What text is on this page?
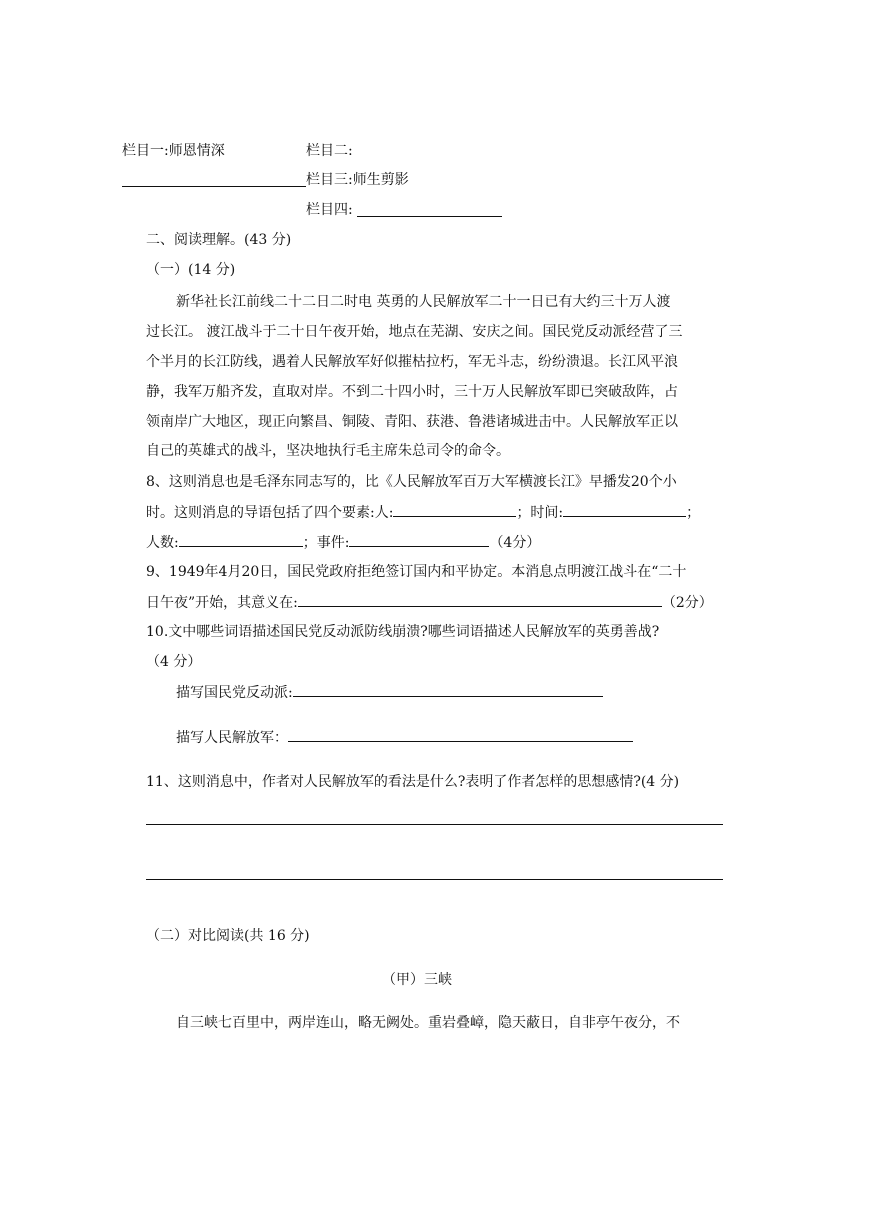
栏目一:师恩情深	栏目二:
栏目三:师生剪影
栏目四:
二、阅读理解。(43 分)
（一）(14 分)
新华社长江前线二十二日二时电 英勇的人民解放军二十一日已有大约三十万人渡
过长江。 渡江战斗于二十日午夜开始，地点在芜湖、安庆之间。国民党反动派经营了三
个半月的长江防线，遇着人民解放军好似摧枯拉朽，军无斗志，纷纷溃退。长江风平浪
静，我军万船齐发，直取对岸。不到二十四小时，三十万人民解放军即已突破敌阵，占
领南岸广大地区，现正向繁昌、铜陵、青阳、获港、鲁港诸城进击中。人民解放军正以
自己的英雄式的战斗，坚决地执行毛主席朱总司令的命令。
8、这则消息也是毛泽东同志写的，比《人民解放军百万大军横渡长江》早播发20个小
时。这则消息的导语包括了四个要素:人:	；时间:	；
人数:	；事件:	（4分）
9、1949年4月20日，国民党政府拒绝签订国内和平协定。本消息点明渡江战斗在“二十
日午夜”开始，其意义在:	（2分）
10.文中哪些词语描述国民党反动派防线崩溃?哪些词语描述人民解放军的英勇善战?
（4 分）
描写国民党反动派:
描写人民解放军：
11、这则消息中，作者对人民解放军的看法是什么?表明了作者怎样的思想感情?(4 分)
（二）对比阅读(共 16 分)
（甲）三峡
自三峡七百里中，两岸连山，略无阙处。重岩叠嶂，隐天蔽日，自非亭午夜分，不
